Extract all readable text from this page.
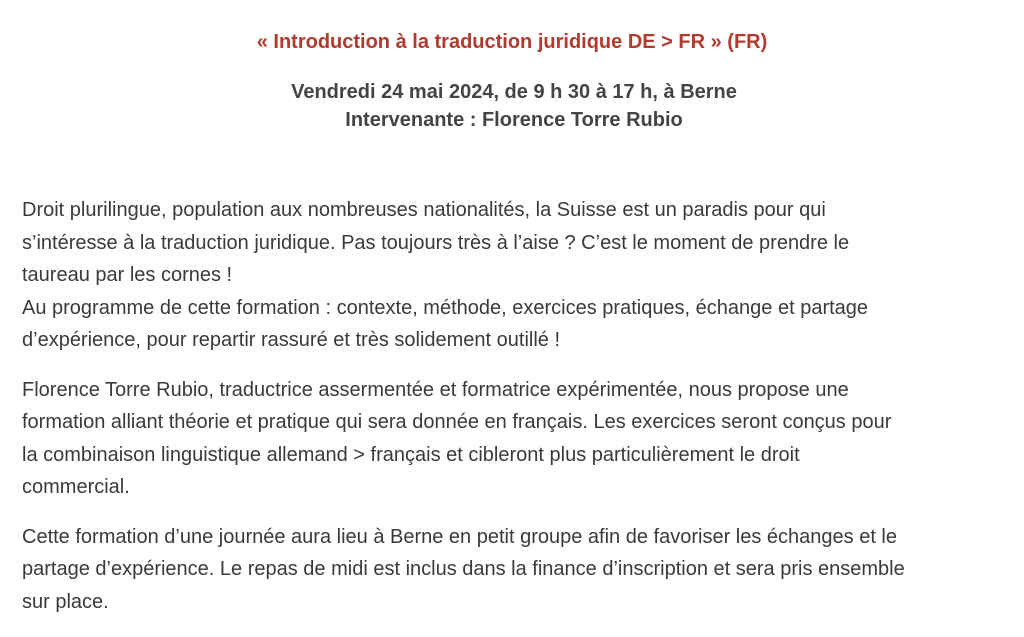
« Introduction à la traduction juridique DE > FR » (FR)
Vendredi 24 mai 2024, de 9 h 30 à 17 h, à Berne
Intervenante : Florence Torre Rubio
Droit plurilingue, population aux nombreuses nationalités, la Suisse est un paradis pour qui
s’intéresse à la traduction juridique. Pas toujours très à l’aise ? C’est le moment de prendre le
taureau par les cornes !
Au programme de cette formation : contexte, méthode, exercices pratiques, échange et partage
d’expérience, pour repartir rassuré et très solidement outillé !
Florence Torre Rubio, traductrice assermentée et formatrice expérimentée, nous propose une
formation alliant théorie et pratique qui sera donnée en français. Les exercices seront conçus pour
la combinaison linguistique allemand > français et cibleront plus particulièrement le droit
commercial.
Cette formation d’une journée aura lieu à Berne en petit groupe afin de favoriser les échanges et le
partage d’expérience. Le repas de midi est inclus dans la finance d’inscription et sera pris ensemble
sur place.
